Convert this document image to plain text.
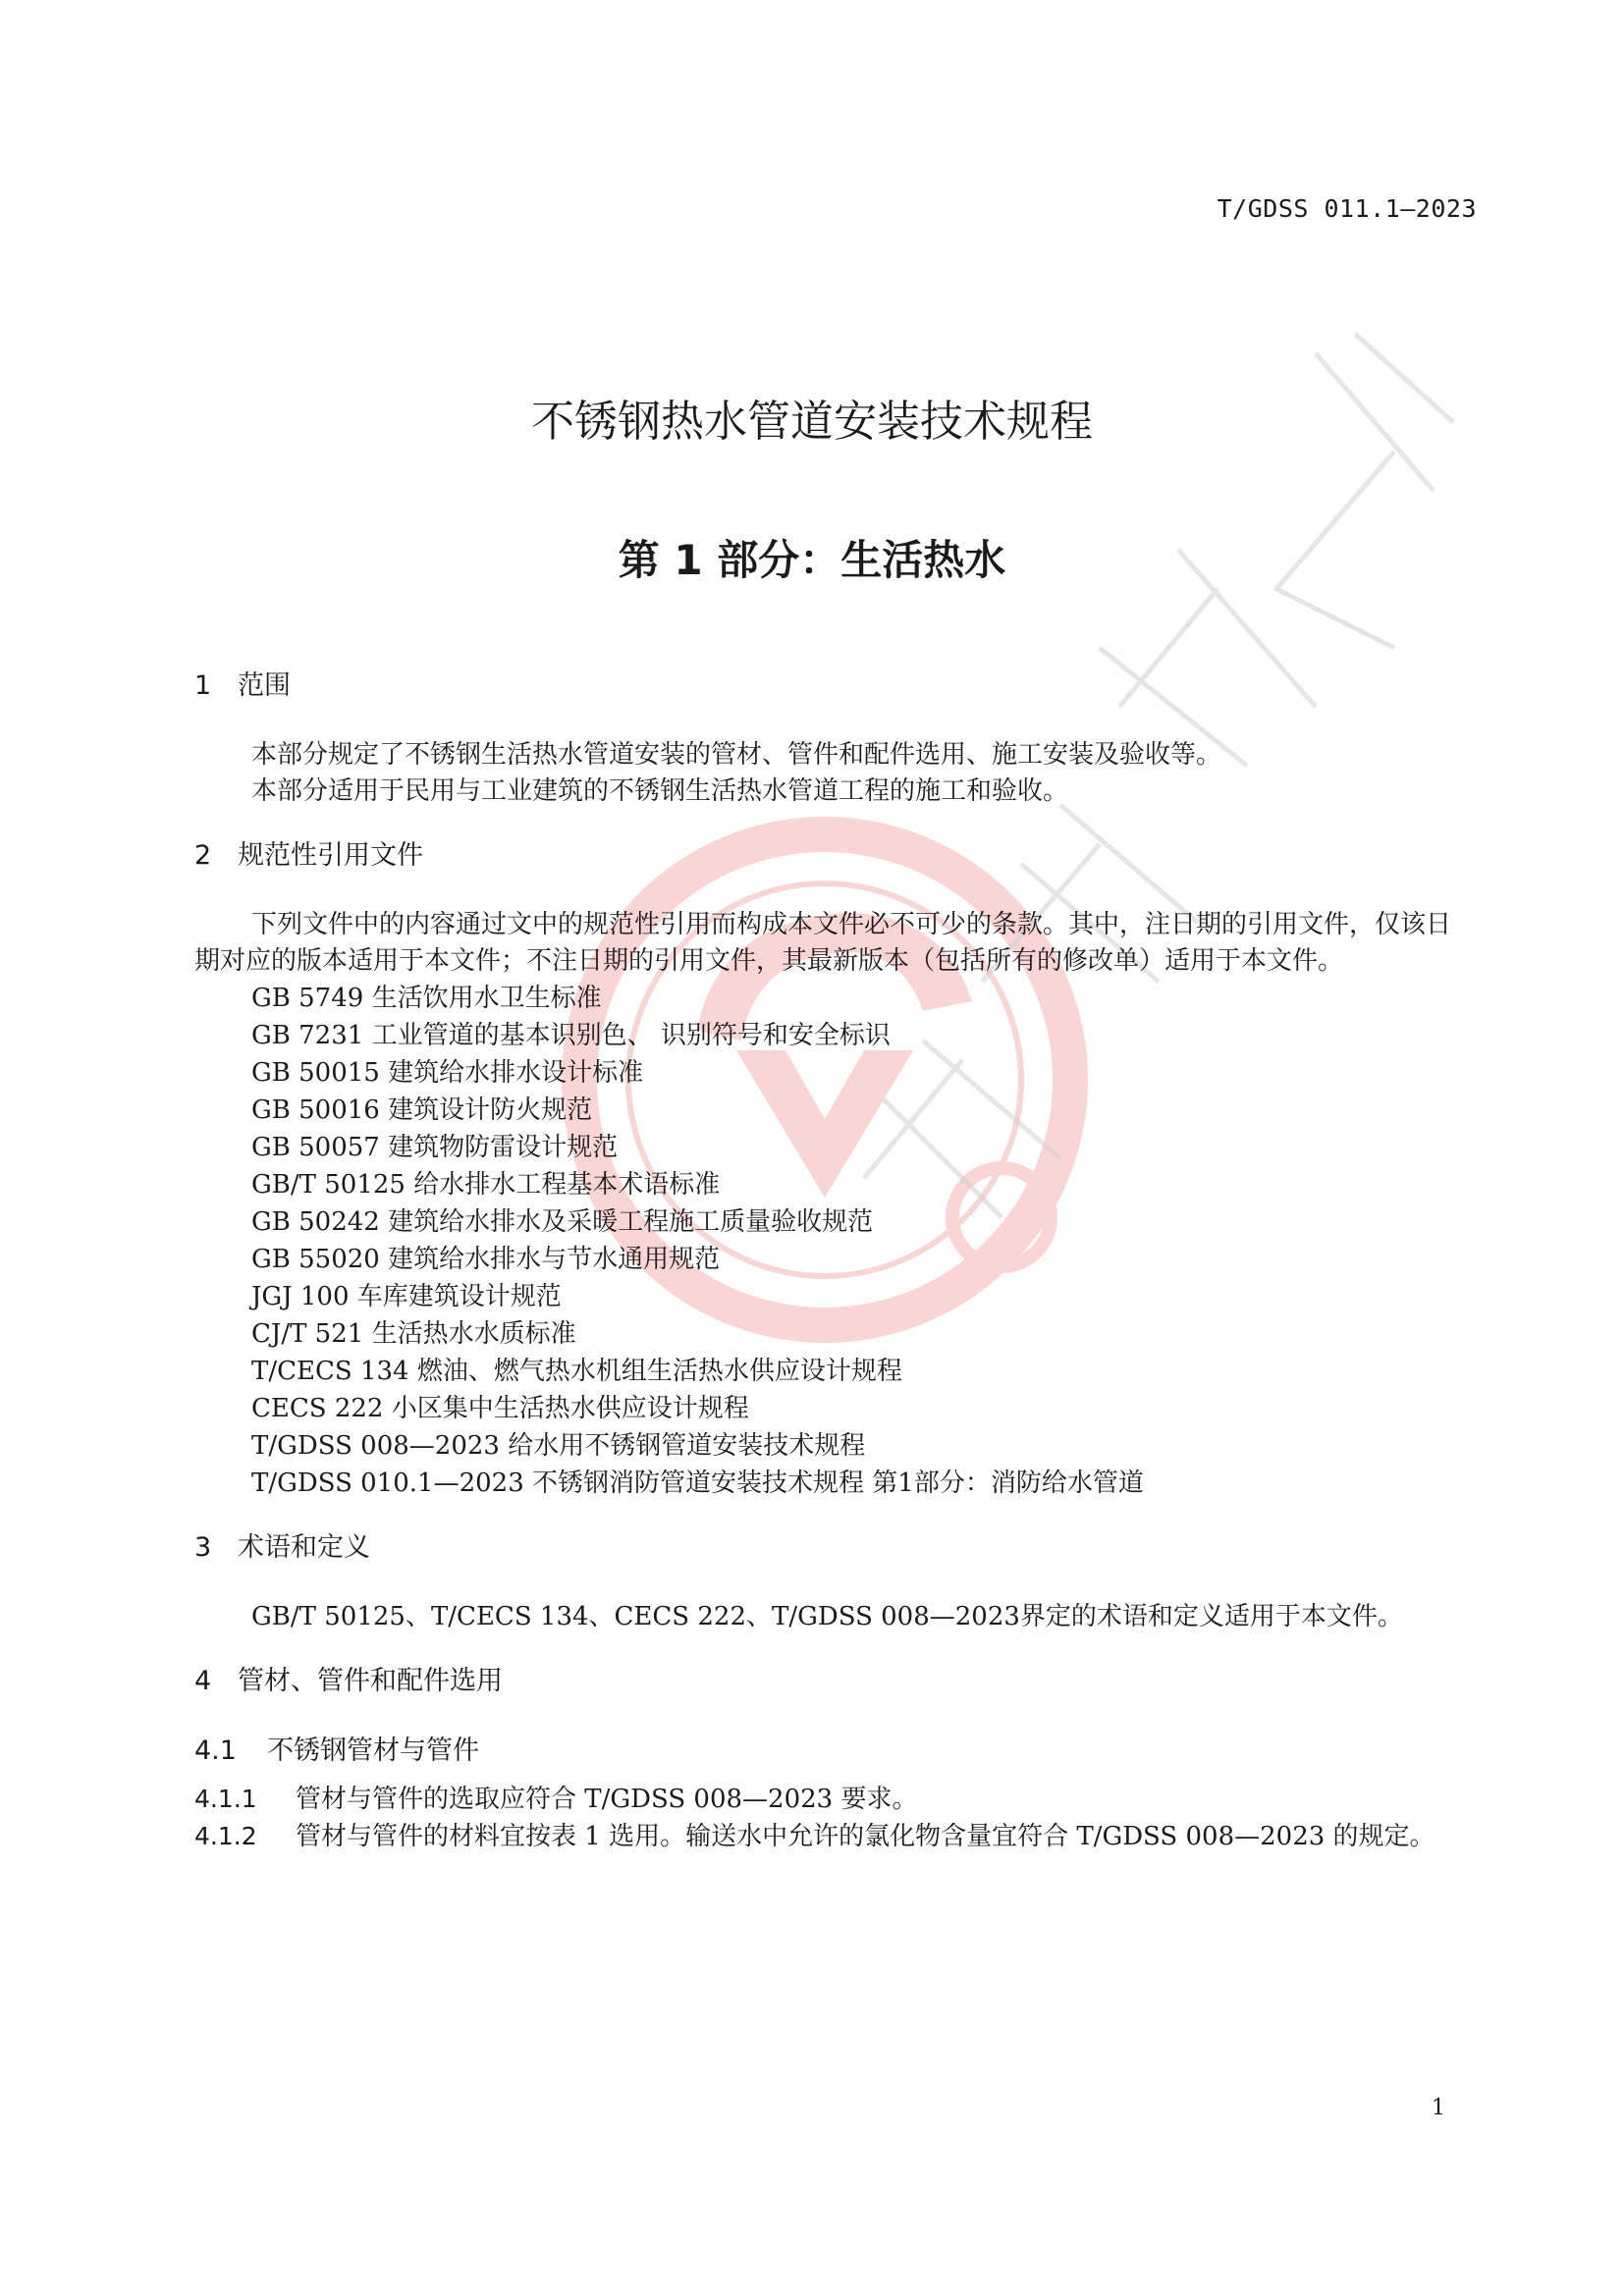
T/GDSS 011.1—2023
不锈钢热水管道安装技术规程
第 1 部分：生活热水
1 范围

本部分规定了不锈钢生活热水管道安装的管材、管件和配件选用、施工安装及验收等。

本部分适用于民用与工业建筑的不锈钢生活热水管道工程的施工和验收。

2 规范性引用文件

下列文件中的内容通过文中的规范性引用而构成本文件必不可少的条款。其中，注日期的引用文件，仅该日期对应的版本适用于本文件；不注日期的引用文件，其最新版本（包括所有的修改单）适用于本文件。

GB 5749 生活饮用水卫生标准
GB 7231 工业管道的基本识别色、 识别符号和安全标识
GB 50015 建筑给水排水设计标准
GB 50016 建筑设计防火规范
GB 50057 建筑物防雷设计规范
GB/T 50125 给水排水工程基本术语标准
GB 50242 建筑给水排水及采暖工程施工质量验收规范
GB 55020 建筑给水排水与节水通用规范
JGJ 100 车库建筑设计规范
CJ/T 521 生活热水水质标准
T/CECS 134 燃油、燃气热水机组生活热水供应设计规程
CECS 222 小区集中生活热水供应设计规程
T/GDSS 008—2023 给水用不锈钢管道安装技术规程
T/GDSS 010.1—2023 不锈钢消防管道安装技术规程 第1部分：消防给水管道
3 术语和定义

GB/T 50125、T/CECS 134、CECS 222、T/GDSS 008—2023界定的术语和定义适用于本文件。

4 管材、管件和配件选用
4.1 不锈钢管材与管件

4.1.1 管材与管件的选取应符合 T/GDSS 008—2023 要求。

4.1.2 管材与管件的材料宜按表 1 选用。输送水中允许的氯化物含量宜符合 T/GDSS 008—2023 的规定。

1
